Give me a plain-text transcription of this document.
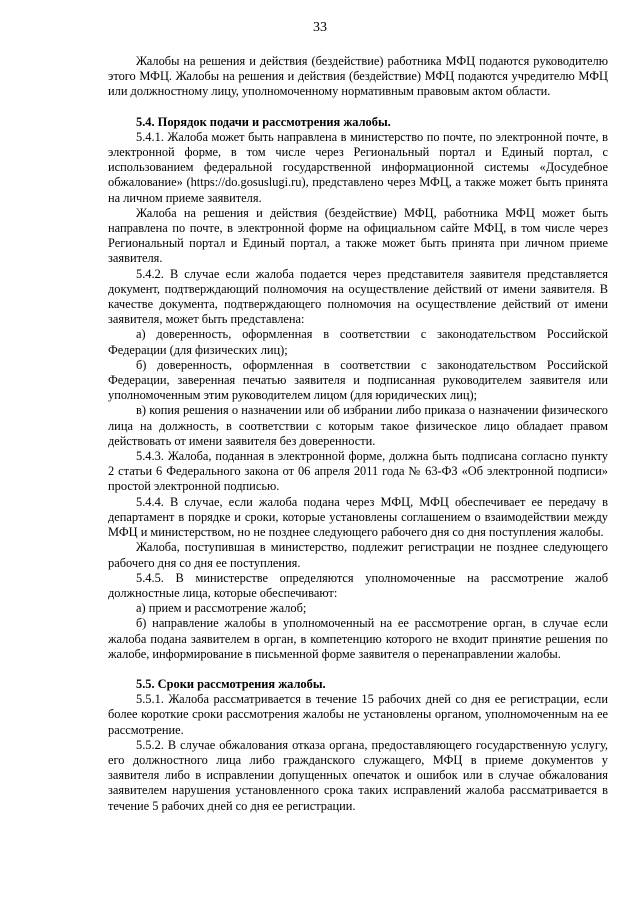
33

Жалобы на решения и действия (бездействие) работника МФЦ подаются руководителю этого МФЦ. Жалобы на решения и действия (бездействие) МФЦ подаются учредителю МФЦ или должностному лицу, уполномоченному нормативным правовым актом области.

5.4. Порядок подачи и рассмотрения жалобы.

5.4.1. Жалоба может быть направлена в министерство по почте, по электронной почте, в электронной форме, в том числе через Региональный портал и Единый портал, с использованием федеральной государственной информационной системы «Досудебное обжалование» (https://do.gosuslugi.ru), представлено через МФЦ, а также может быть принята на личном приеме заявителя.

Жалоба на решения и действия (бездействие) МФЦ, работника МФЦ может быть направлена по почте, в электронной форме на официальном сайте МФЦ, в том числе через Региональный портал и Единый портал, а также может быть принята при личном приеме заявителя.

5.4.2. В случае если жалоба подается через представителя заявителя представляется документ, подтверждающий полномочия на осуществление действий от имени заявителя. В качестве документа, подтверждающего полномочия на осуществление действий от имени заявителя, может быть представлена:

а) доверенность, оформленная в соответствии с законодательством Российской Федерации (для физических лиц);

б) доверенность, оформленная в соответствии с законодательством Российской Федерации, заверенная печатью заявителя и подписанная руководителем заявителя или уполномоченным этим руководителем лицом (для юридических лиц);

в) копия решения о назначении или об избрании либо приказа о назначении физического лица на должность, в соответствии с которым такое физическое лицо обладает правом действовать от имени заявителя без доверенности.

5.4.3. Жалоба, поданная в электронной форме, должна быть подписана согласно пункту 2 статьи 6 Федерального закона от 06 апреля 2011 года № 63-ФЗ «Об электронной подписи» простой электронной подписью.

5.4.4. В случае, если жалоба подана через МФЦ, МФЦ обеспечивает ее передачу в департамент в порядке и сроки, которые установлены соглашением о взаимодействии между МФЦ и министерством, но не позднее следующего рабочего дня со дня поступления жалобы.

Жалоба, поступившая в министерство, подлежит регистрации не позднее следующего рабочего дня со дня ее поступления.

5.4.5. В министерстве определяются уполномоченные на рассмотрение жалоб должностные лица, которые обеспечивают:

а) прием и рассмотрение жалоб;

б) направление жалобы в уполномоченный на ее рассмотрение орган, в случае если жалоба подана заявителем в орган, в компетенцию которого не входит принятие решения по жалобе, информирование в письменной форме заявителя о перенаправлении жалобы.

5.5. Сроки рассмотрения жалобы.

5.5.1. Жалоба рассматривается в течение 15 рабочих дней со дня ее регистрации, если более короткие сроки рассмотрения жалобы не установлены органом, уполномоченным на ее рассмотрение.

5.5.2. В случае обжалования отказа органа, предоставляющего государственную услугу, его должностного лица либо гражданского служащего, МФЦ в приеме документов у заявителя либо в исправлении допущенных опечаток и ошибок или в случае обжалования заявителем нарушения установленного срока таких исправлений жалоба рассматривается в течение 5 рабочих дней со дня ее регистрации.
